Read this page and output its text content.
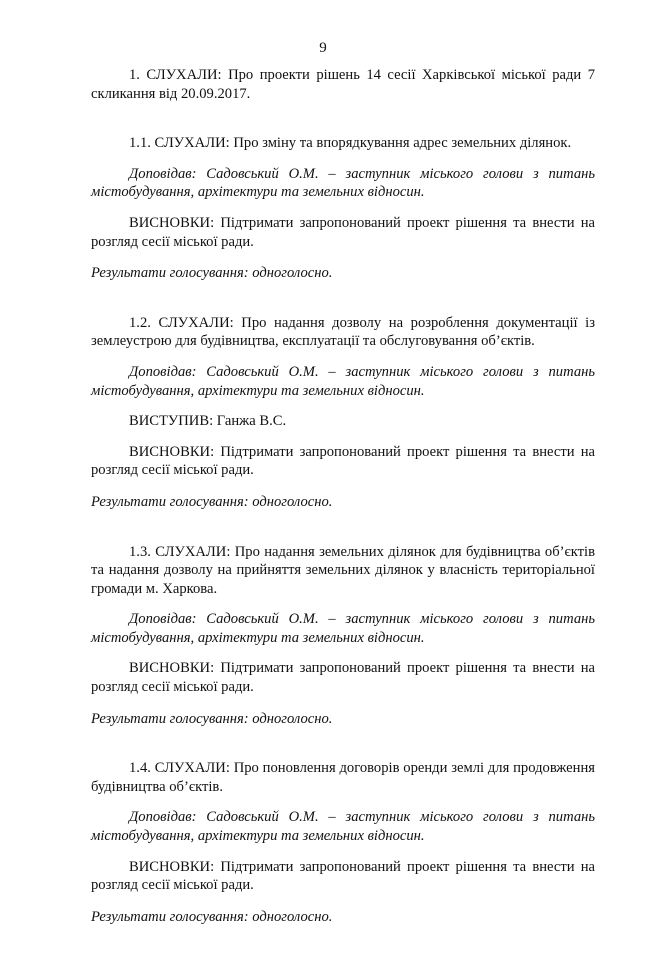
9

1. СЛУХАЛИ: Про проекти рішень 14 сесії Харківської міської ради 7 скликання від 20.09.2017.

1.1. СЛУХАЛИ: Про зміну та впорядкування адрес земельних ділянок.

Доповідав: Садовський О.М. – заступник міського голови з питань містобудування, архітектури та земельних відносин.

ВИСНОВКИ: Підтримати запропонований проект рішення та внести на розгляд сесії міської ради.

Результати голосування: одноголосно.

1.2. СЛУХАЛИ: Про надання дозволу на розроблення документації із землеустрою для будівництва, експлуатації та обслуговування об’єктів.

Доповідав: Садовський О.М. – заступник міського голови з питань містобудування, архітектури та земельних відносин.

ВИСТУПИВ: Ганжа В.С.

ВИСНОВКИ: Підтримати запропонований проект рішення та внести на розгляд сесії міської ради.

Результати голосування: одноголосно.

1.3. СЛУХАЛИ: Про надання земельних ділянок для будівництва об’єктів та надання дозволу на прийняття земельних ділянок у власність територіальної громади м. Харкова.

Доповідав: Садовський О.М. – заступник міського голови з питань містобудування, архітектури та земельних відносин.

ВИСНОВКИ: Підтримати запропонований проект рішення та внести на розгляд сесії міської ради.

Результати голосування: одноголосно.

1.4. СЛУХАЛИ: Про поновлення договорів оренди землі для продовження будівництва об’єктів.

Доповідав: Садовський О.М. – заступник міського голови з питань містобудування, архітектури та земельних відносин.

ВИСНОВКИ: Підтримати запропонований проект рішення та внести на розгляд сесії міської ради.

Результати голосування: одноголосно.
